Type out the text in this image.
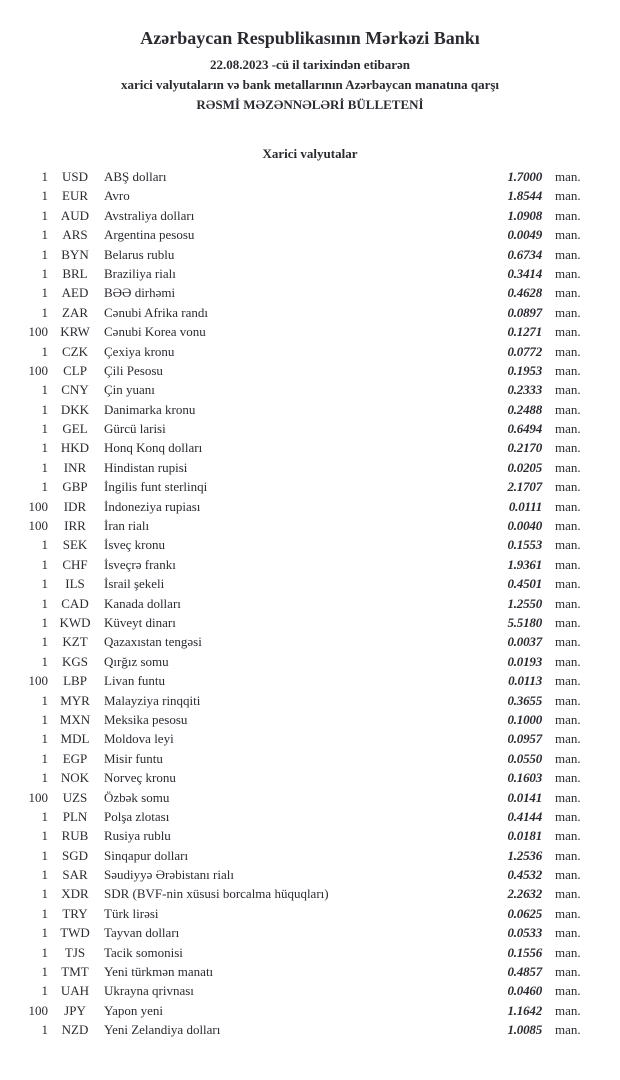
Azərbaycan Respublikasının Mərkəzi Bankı
22.08.2023 -cü il tarixindən etibarən
xarici valyutaların və bank metallarının Azərbaycan manatına qarşı
RƏSMİ MƏZƏNNƏLƏRİ BÜLLETENİ
Xarici valyutalar
1	USD	ABŞ dolları	1.7000	man.
1	EUR	Avro	1.8544	man.
1 AUD	Avstraliya dolları	1.0908	man.
1	ARS	Argentina pesosu	0.0049	man.
1	BYN	Belarus rublu	0.6734	man.
1	BRL	Braziliya rialı	0.3414	man.
1	AED	BƏƏ dirhəmi	0.4628	man.
1	ZAR	Cənubi Afrika randı	0.0897	man.
100 KRW	Cənubi Korea vonu	0.1271	man.
1	CZK	Çexiya kronu	0.0772	man.
100	CLP	Çili Pesosu	0.1953	man.
1	CNY	Çin yuanı	0.2333	man.
1 DKK	Danimarka kronu	0.2488	man.
1	GEL	Gürcü larisi	0.6494	man.
1 HKD	Honq Konq dolları	0.2170	man.
1	INR	Hindistan rupisi	0.0205	man.
1	GBP	İngilis funt sterlinqi	2.1707	man.
100	IDR	İndoneziya rupiası	0.0111	man.
100	IRR	İran rialı	0.0040	man.
1	SEK	İsveç kronu	0.1553	man.
1	CHF	İsveçrə frankı	1.9361	man.
1	ILS	İsrail şekeli	0.4501	man.
1	CAD	Kanada dolları	1.2550	man.
1 KWD	Küveyt dinarı	5.5180	man.
1	KZT	Qazaxıstan tengəsi	0.0037	man.
1	KGS	Qırğız somu	0.0193	man.
100	LBP	Livan funtu	0.0113	man.
1 MYR	Malayziya rinqqiti	0.3655	man.
1 MXN	Meksika pesosu	0.1000	man.
1 MDL	Moldova leyi	0.0957	man.
1	EGP	Misir funtu	0.0550	man.
1 NOK	Norveç kronu	0.1603	man.
100	UZS	Özbək somu	0.0141	man.
1	PLN	Polşa zlotası	0.4144	man.
1	RUB	Rusiya rublu	0.0181	man.
1	SGD	Sinqapur dolları	1.2536	man.
1	SAR	Səudiyyə Ərəbistanı rialı	0.4532	man.
1	XDR	SDR (BVF-nin xüsusi borcalma hüquqları)	2.2632	man.
1	TRY	Türk lirəsi	0.0625	man.
1 TWD	Tayvan dolları	0.0533	man.
1	TJS	Tacik somonisi	0.1556	man.
1	TMT	Yeni türkmən manatı	0.4857	man.
1 UAH	Ukrayna qrivnası	0.0460	man.
100	JPY	Yapon yeni	1.1642	man.
1	NZD	Yeni Zelandiya dolları	1.0085	man.
